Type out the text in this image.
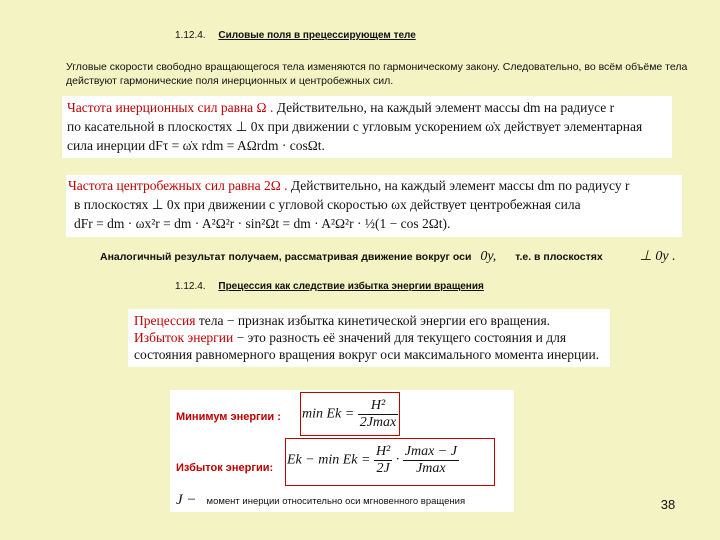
1.12.4. Силовые поля в прецессирующем теле
Угловые скорости свободно вращающегося тела изменяются по гармоническому закону. Следовательно, во всём объёме тела действуют гармонические поля инерционных и центробежных сил.
Частота инерционных сил равна Ω . Действительно, на каждый элемент массы dm на радиусе r
по касательной в плоскостях ⊥ 0x при движении с угловым ускорением ω̇x действует элементарная
сила инерции dFτ = ω̇x rdm = AΩrdm · cosΩt.
Частота центробежных сил равна 2Ω . Действительно, на каждый элемент массы dm по радиусу r
в плоскостях ⊥ 0x при движении с угловой скоростью ωx действует центробежная сила
dFr = dm · ωx²r = dm · A²Ω²r · sin²Ωt = dm · A²Ω²r · ½(1 − cos 2Ωt).
Аналогичный результат получаем, рассматривая движение вокруг оси 0y, т.е. в плоскостях	⊥ 0y .
1.12.4. Прецессия как следствие избытка энергии вращения
Прецессия тела − признак избытка кинетической энергии его вращения.
Избыток энергии − это разность её значений для текущего состояния и для
состояния равномерного вращения вокруг оси максимального момента инерции.
Минимум энергии : min Ek =
H²
2Jmax
Избыток энергии:
$Ek - \min Ek = \frac{\text{H²}}{2J}$ ·
Jmax − J
Jmax
J − момент инерции относительно оси мгновенного вращения	38
